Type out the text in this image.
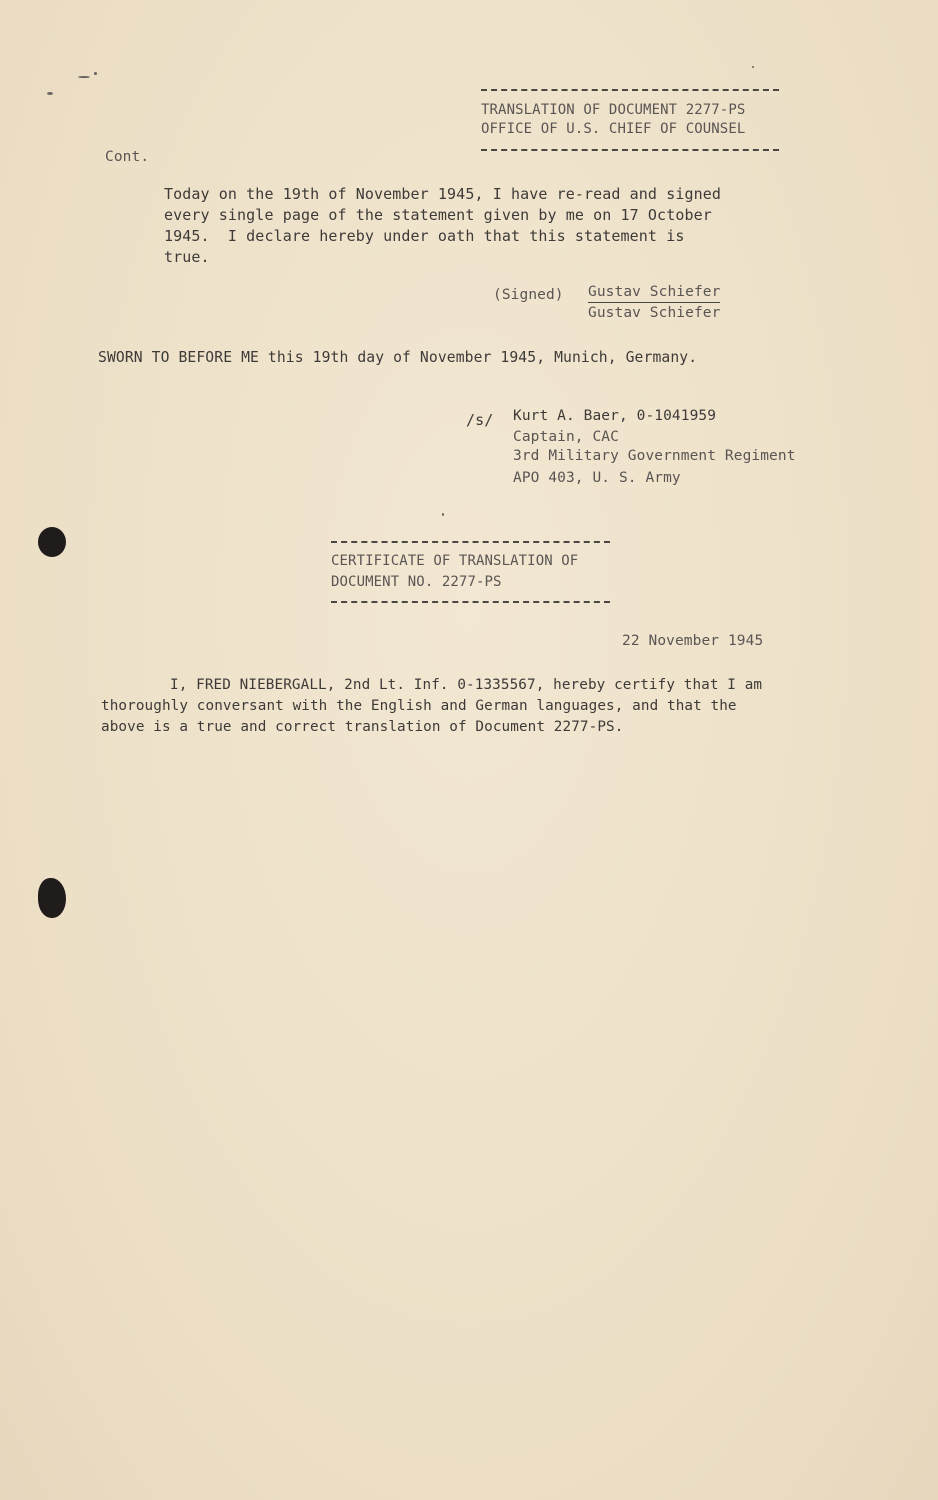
TRANSLATION OF DOCUMENT 2277-PS
OFFICE OF U.S. CHIEF OF COUNSEL
Cont.
Today on the 19th of November 1945, I have re-read and signed
every single page of the statement given by me on 17 October
1945.  I declare hereby under oath that this statement is
true.
(Signed) Gustav Schiefer
Gustav Schiefer
SWORN TO BEFORE ME this 19th day of November 1945, Munich, Germany.
/s/ Kurt A. Baer, 0-1041959
Captain, CAC
3rd Military Government Regiment
APO 403, U. S. Army
CERTIFICATE OF TRANSLATION OF
DOCUMENT NO. 2277-PS
22 November 1945
I, FRED NIEBERGALL, 2nd Lt. Inf. 0-1335567, hereby certify that I am
thoroughly conversant with the English and German languages, and that the
above is a true and correct translation of Document 2277-PS.
